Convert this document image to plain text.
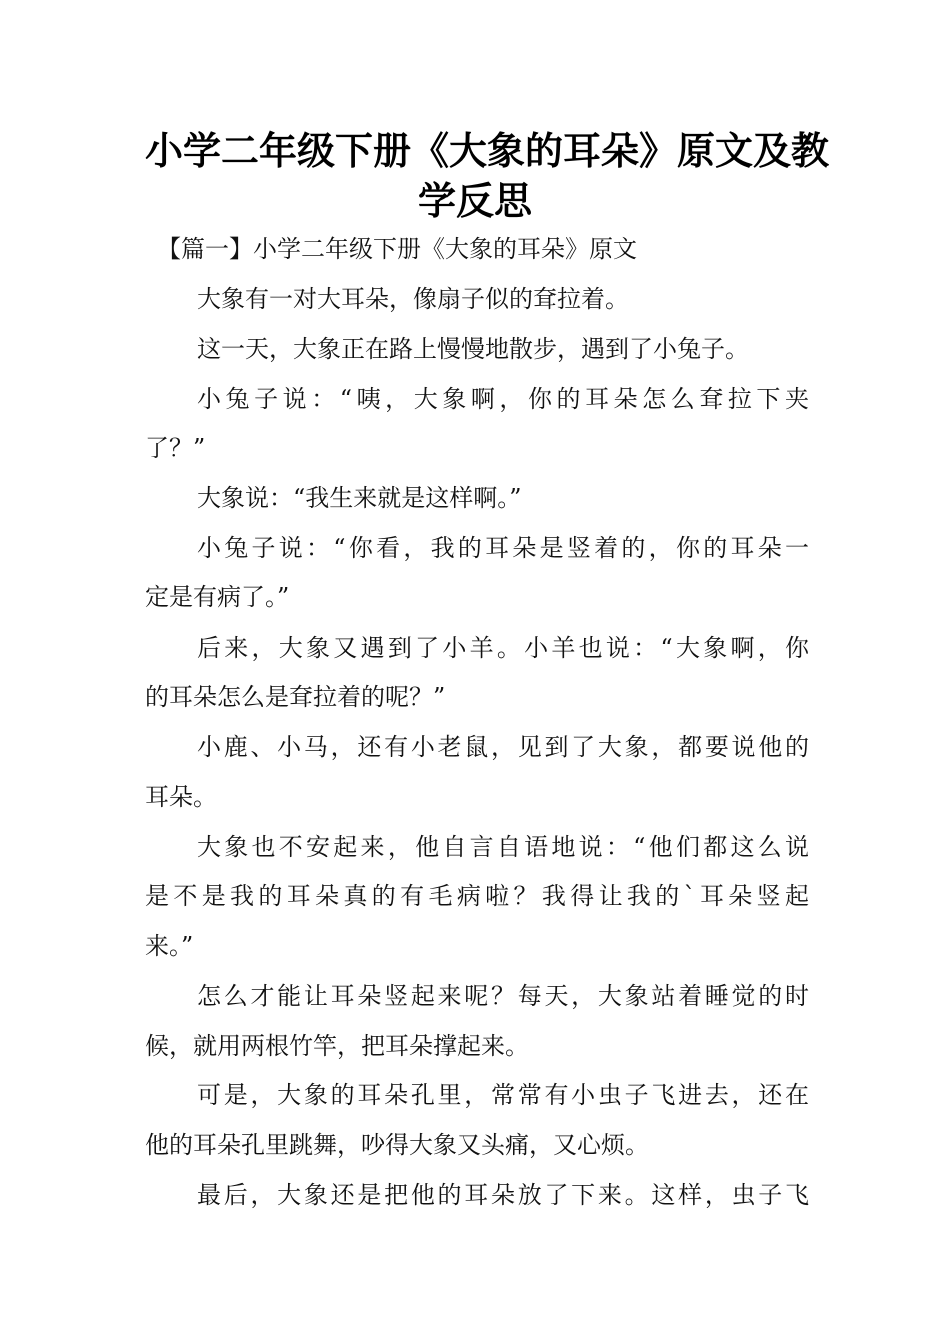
小学二年级下册《大象的耳朵》原文及教
学反思
【篇一】小学二年级下册《大象的耳朵》原文
大象有一对大耳朵，像扇子似的耷拉着。
这一天，大象正在路上慢慢地散步，遇到了小兔子。
小兔子说：“咦，大象啊，你的耳朵怎么耷拉下夹
了？”
大象说：“我生来就是这样啊。”
小兔子说：“你看，我的耳朵是竖着的，你的耳朵一
定是有病了。”
后来，大象又遇到了小羊。小羊也说：“大象啊，你
的耳朵怎么是耷拉着的呢？”
小鹿、小马，还有小老鼠，见到了大象，都要说他的
耳朵。
大象也不安起来，他自言自语地说：“他们都这么说
是不是我的耳朵真的有毛病啦？我得让我的`耳朵竖起
来。”
怎么才能让耳朵竖起来呢？每天，大象站着睡觉的时
候，就用两根竹竿，把耳朵撑起来。
可是，大象的耳朵孔里，常常有小虫子飞进去，还在
他的耳朵孔里跳舞，吵得大象又头痛，又心烦。
最后，大象还是把他的耳朵放了下来。这样，虫子飞
